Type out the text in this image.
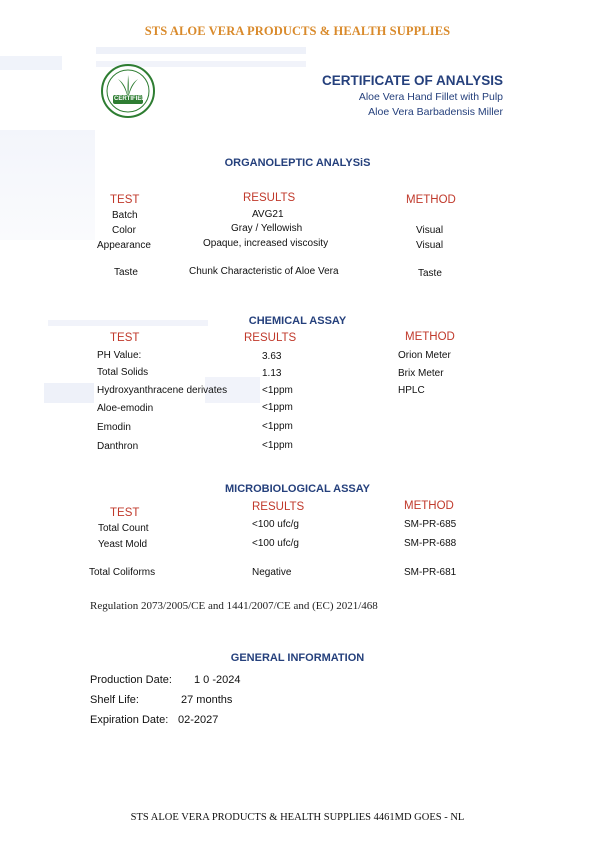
STS ALOE VERA PRODUCTS & HEALTH SUPPLIES
CERTIFIED
CERTIFICATE OF ANALYSIS
Aloe Vera Hand Fillet with Pulp
Aloe Vera Barbadensis Miller
ORGANOLEPTIC ANALYSiS
TEST	RESULTS	METHOD
Batch	AVG21
Color	Gray / Yellowish	Visual
Appearance	Opaque, increased viscosity	Visual
Taste	Chunk Characteristic of Aloe Vera	Taste
CHEMICAL ASSAY
TEST	RESULTS	METHOD
PH Value:	3.63	Orion Meter
Total Solids	1.13	Brix Meter
Hydroxyanthracene derivates	<1ppm	HPLC
Aloe-emodin	<1ppm
Emodin	<1ppm
Danthron	<1ppm
MICROBIOLOGICAL ASSAY
TEST	RESULTS	METHOD
Total Count	<100 ufc/g	SM-PR-685
Yeast Mold	<100 ufc/g	SM-PR-688
Total Coliforms	Negative	SM-PR-681
Regulation 2073/2005/CE and 1441/2007/CE and (EC) 2021/468
GENERAL INFORMATION
Production Date: 1 0 -2024
Shelf Life:	27 months
Expiration Date: 02-2027
STS ALOE VERA PRODUCTS & HEALTH SUPPLIES 4461MD GOES - NL
